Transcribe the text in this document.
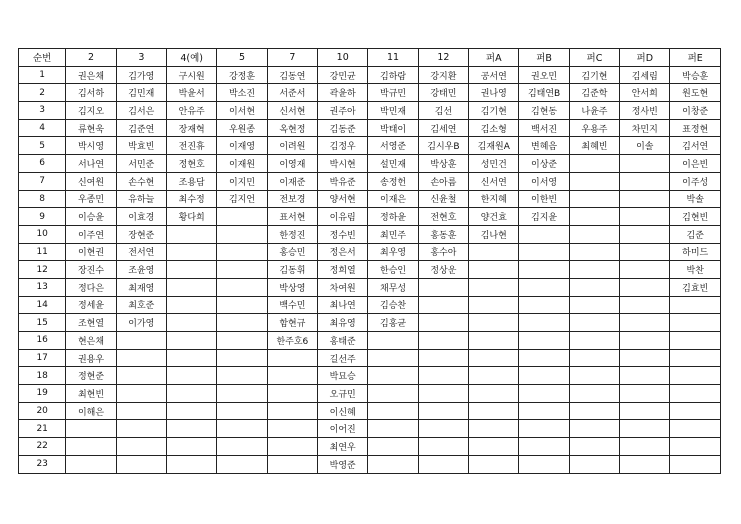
순번	2	3	4(예)	5	7	10	11	12	퍼A	퍼B	퍼C	퍼D	퍼E
1	권은채	김가영	구시원	강정훈	김동연	강민균	김하람	강지환	공서연	권오민	김기현	김세림	박승훈
2	김서하	김민재	박윤서	박소진	서준서	곽윤하	박규민	강태민	권나영	김태연B	김준학	안서희	원도현
3	김지오	김서은	안유주	이서현	신서현	권주아	박민재	김선	김기현	김현동	나윤주	정사빈	이창준
4	류현욱	김준연	장재혁	우원종	옥현정	김동준	박태이	김세연	김소형	백서진	우용주	차민지	표정현
5	박시영	박효빈	전진휴	이재영	이려원	김정우	서영준	김시우B	김재원A	변혜음	최혜빈	이솔	김서연
6	서나연	서민준	정현호	이재원	이영재	박시현	설민재	박상훈	성민건	이상준			이은빈
7	신여원	손수현	조용담	이지민	이재준	박유준	송정헌	손아름	신서연	이서영			이주성
8	우종민	유하늘	최수정	김지언	전보경	양서현	이재은	신윤철	한지혜	이한빈			박솔
9	이승윤	이효경	황다희		표서현	이유림	정하윤	전현호	양건효	김지윤			김현빈
10	이주연	장현준			한정진	정수빈	최민주	홍동훈	김나현				김준
11	이현권	전서연			홍승민	정은서	최우영	홍수아					하미드
12	장진수	조윤영			김동휘	정희열	한승인	정상운					박찬
13	정다은	최재영			박상영	차여원	채무성						김효빈
14	정세윤	최호준			백수민	최나연	김승찬						
15	조현열	이가영			함현규	최유영	김홍균						
16	현은채				한주호6	홍태준							
17	권용우					길선주							
18	정현준					박묘승							
19	최현빈					오규민							
20	이해은					이신혜							
21						이어진							
22						최연우							
23						박영준							
